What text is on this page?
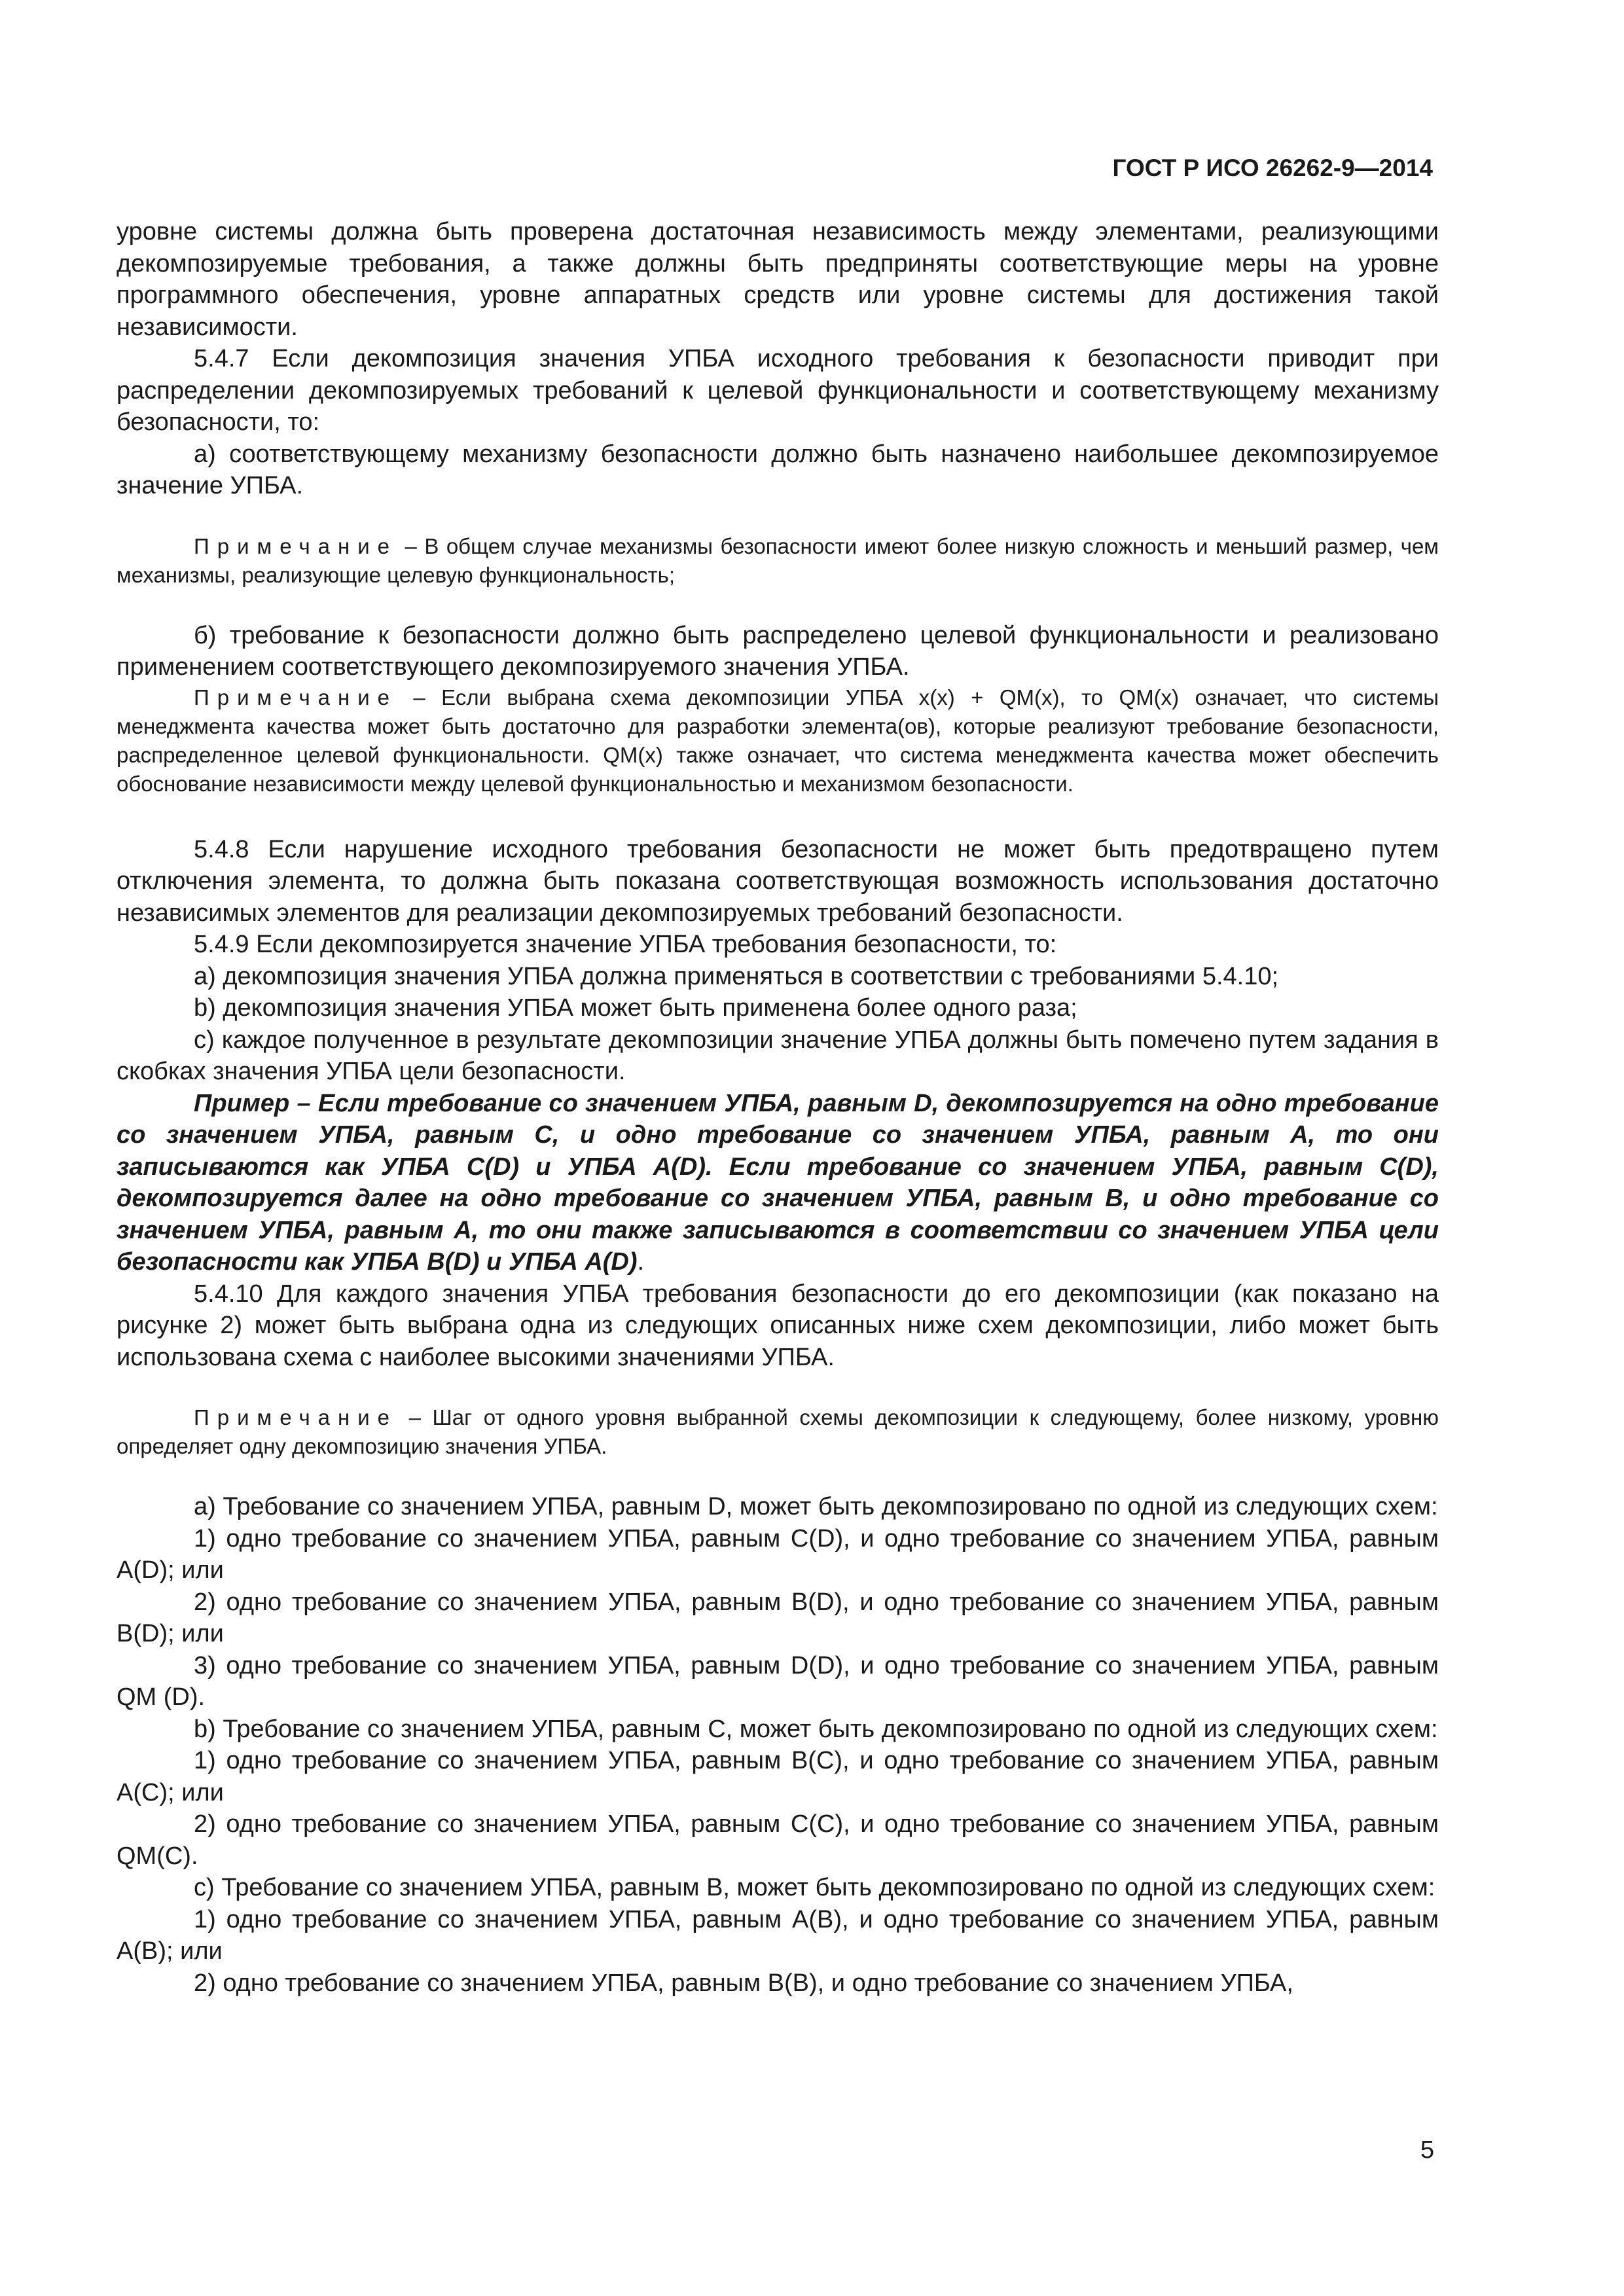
ГОСТ Р ИСО 26262-9—2014

уровне системы должна быть проверена достаточная независимость между элементами, реализующими декомпозируемые требования, а также должны быть предприняты соответствующие меры на уровне программного обеспечения, уровне аппаратных средств или уровне системы для достижения такой независимости.

5.4.7 Если декомпозиция значения УПБА исходного требования к безопасности приводит при распределении декомпозируемых требований к целевой функциональности и соответствующему механизму безопасности, то:

а) соответствующему механизму безопасности должно быть назначено наибольшее декомпозируемое значение УПБА.

Примечание – В общем случае механизмы безопасности имеют более низкую сложность и меньший размер, чем механизмы, реализующие целевую функциональность;

б) требование к безопасности должно быть распределено целевой функциональности и реализовано применением соответствующего декомпозируемого значения УПБА.

Примечание – Если выбрана схема декомпозиции УПБА x(x) + QM(x), то QM(x) означает, что системы менеджмента качества может быть достаточно для разработки элемента(ов), которые реализуют требование безопасности, распределенное целевой функциональности. QM(x) также означает, что система менеджмента качества может обеспечить обоснование независимости между целевой функциональностью и механизмом безопасности.

5.4.8 Если нарушение исходного требования безопасности не может быть предотвращено путем отключения элемента, то должна быть показана соответствующая возможность использования достаточно независимых элементов для реализации декомпозируемых требований безопасности.

5.4.9 Если декомпозируется значение УПБА требования безопасности, то:

a) декомпозиция значения УПБА должна применяться в соответствии с требованиями 5.4.10;

b) декомпозиция значения УПБА может быть применена более одного раза;

c) каждое полученное в результате декомпозиции значение УПБА должны быть помечено путем задания в скобках значения УПБА цели безопасности.

Пример – Если требование со значением УПБА, равным D, декомпозируется на одно требование со значением УПБА, равным C, и одно требование со значением УПБА, равным A, то они записываются как УПБА C(D) и УПБА A(D). Если требование со значением УПБА, равным C(D), декомпозируется далее на одно требование со значением УПБА, равным B, и одно требование со значением УПБА, равным A, то они также записываются в соответствии со значением УПБА цели безопасности как УПБА B(D) и УПБА A(D).

5.4.10 Для каждого значения УПБА требования безопасности до его декомпозиции (как показано на рисунке 2) может быть выбрана одна из следующих описанных ниже схем декомпозиции, либо может быть использована схема с наиболее высокими значениями УПБА.

Примечание – Шаг от одного уровня выбранной схемы декомпозиции к следующему, более низкому, уровню определяет одну декомпозицию значения УПБА.

a) Требование со значением УПБА, равным D, может быть декомпозировано по одной из следующих схем:

1) одно требование со значением УПБА, равным C(D), и одно требование со значением УПБА, равным A(D); или

2) одно требование со значением УПБА, равным B(D), и одно требование со значением УПБА, равным B(D); или

3) одно требование со значением УПБА, равным D(D), и одно требование со значением УПБА, равным QM (D).

b) Требование со значением УПБА, равным C, может быть декомпозировано по одной из следующих схем:

1) одно требование со значением УПБА, равным B(C), и одно требование со значением УПБА, равным A(C); или

2) одно требование со значением УПБА, равным C(C), и одно требование со значением УПБА, равным QM(C).

c) Требование со значением УПБА, равным B, может быть декомпозировано по одной из следующих схем:

1) одно требование со значением УПБА, равным A(B), и одно требование со значением УПБА, равным A(B); или

2) одно требование со значением УПБА, равным B(B), и одно требование со значением УПБА,

5
